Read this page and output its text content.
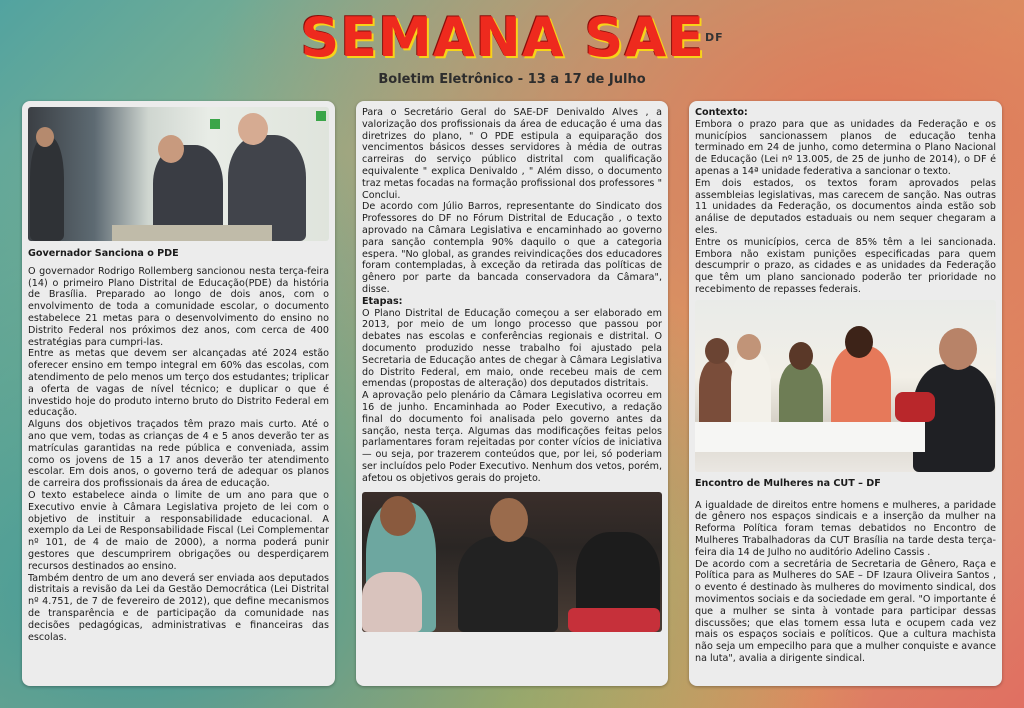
SEMANA SAEDF
Boletim Eletrônico - 13 a 17 de Julho

Governador Sanciona o PDE

O governador Rodrigo Rollemberg sancionou nesta terça-feira (14) o primeiro Plano Distrital de Educação(PDE) da história de Brasília. Preparado ao longo de dois anos, com o envolvimento de toda a comunidade escolar, o documento estabelece 21 metas para o desenvolvimento do ensino no Distrito Federal nos próximos dez anos, com cerca de 400 estratégias para cumpri-las.

Entre as metas que devem ser alcançadas até 2024 estão oferecer ensino em tempo integral em 60% das escolas, com atendimento de pelo menos um terço dos estudantes; triplicar a oferta de vagas de nível técnico; e duplicar o que é investido hoje do produto interno bruto do Distrito Federal em educação.

Alguns dos objetivos traçados têm prazo mais curto. Até o ano que vem, todas as crianças de 4 e 5 anos deverão ter as matrículas garantidas na rede pública e conveniada, assim como os jovens de 15 a 17 anos deverão ter atendimento escolar. Em dois anos, o governo terá de adequar os planos de carreira dos profissionais da área de educação.

O texto estabelece ainda o limite de um ano para que o Executivo envie à Câmara Legislativa projeto de lei com o objetivo de instituir a responsabilidade educacional. A exemplo da Lei de Responsabilidade Fiscal (Lei Complementar nº 101, de 4 de maio de 2000), a norma poderá punir gestores que descumprirem obrigações ou desperdiçarem recursos destinados ao ensino.

Também dentro de um ano deverá ser enviada aos deputados distritais a revisão da Lei da Gestão Democrática (Lei Distrital nº 4.751, de 7 de fevereiro de 2012), que define mecanismos de transparência e de participação da comunidade nas decisões pedagógicas, administrativas e financeiras das escolas.

Para o Secretário Geral do SAE-DF Denivaldo Alves , a valorização dos profissionais da área de educação é uma das diretrizes do plano, " O PDE estipula a equiparação dos vencimentos básicos desses servidores à média de outras carreiras do serviço público distrital com qualificação equivalente " explica Denivaldo , " Além disso, o documento traz metas focadas na formação profissional dos professores " Conclui.

De acordo com Júlio Barros, representante do Sindicato dos Professores do DF no Fórum Distrital de Educação , o texto aprovado na Câmara Legislativa e encaminhado ao governo para sanção contempla 90% daquilo o que a categoria espera. "No global, as grandes reivindicações dos educadores foram contempladas, à exceção da retirada das políticas de gênero por parte da bancada conservadora da Câmara", disse.

Etapas:

O Plano Distrital de Educação começou a ser elaborado em 2013, por meio de um longo processo que passou por debates nas escolas e conferências regionais e distrital. O documento produzido nesse trabalho foi ajustado pela Secretaria de Educação antes de chegar à Câmara Legislativa do Distrito Federal, em maio, onde recebeu mais de cem emendas (propostas de alteração) dos deputados distritais.

A aprovação pelo plenário da Câmara Legislativa ocorreu em 16 de junho. Encaminhada ao Poder Executivo, a redação final do documento foi analisada pelo governo antes da sanção, nesta terça. Algumas das modificações feitas pelos parlamentares foram rejeitadas por conter vícios de iniciativa — ou seja, por trazerem conteúdos que, por lei, só poderiam ser incluídos pelo Poder Executivo. Nenhum dos vetos, porém, afetou os objetivos gerais do projeto.

Contexto:

Embora o prazo para que as unidades da Federação e os municípios sancionassem planos de educação tenha terminado em 24 de junho, como determina o Plano Nacional de Educação (Lei nº 13.005, de 25 de junho de 2014), o DF é apenas a 14ª unidade federativa a sancionar o texto.

Em dois estados, os textos foram aprovados pelas assembleias legislativas, mas carecem de sanção. Nas outras 11 unidades da Federação, os documentos ainda estão sob análise de deputados estaduais ou nem sequer chegaram a eles.

Entre os municípios, cerca de 85% têm a lei sancionada. Embora não existam punições especificadas para quem descumprir o prazo, as cidades e as unidades da Federação que têm um plano sancionado poderão ter prioridade no recebimento de repasses federais.

Encontro de Mulheres na CUT – DF

A igualdade de direitos entre homens e mulheres, a paridade de gênero nos espaços sindicais e a inserção da mulher na Reforma Política foram temas debatidos no Encontro de Mulheres Trabalhadoras da CUT Brasília na tarde desta terça-feira dia 14 de Julho no auditório Adelino Cassis .

De acordo com a secretária de Secretaria de Gênero, Raça e Política para as Mulheres do SAE – DF Izaura Oliveira Santos , o evento é destinado às mulheres do movimento sindical, dos movimentos sociais e da sociedade em geral. "O importante é que a mulher se sinta à vontade para participar dessas discussões; que elas tomem essa luta e ocupem cada vez mais os espaços sociais e políticos. Que a cultura machista não seja um empecilho para que a mulher conquiste e avance na luta", avalia a dirigente sindical.
